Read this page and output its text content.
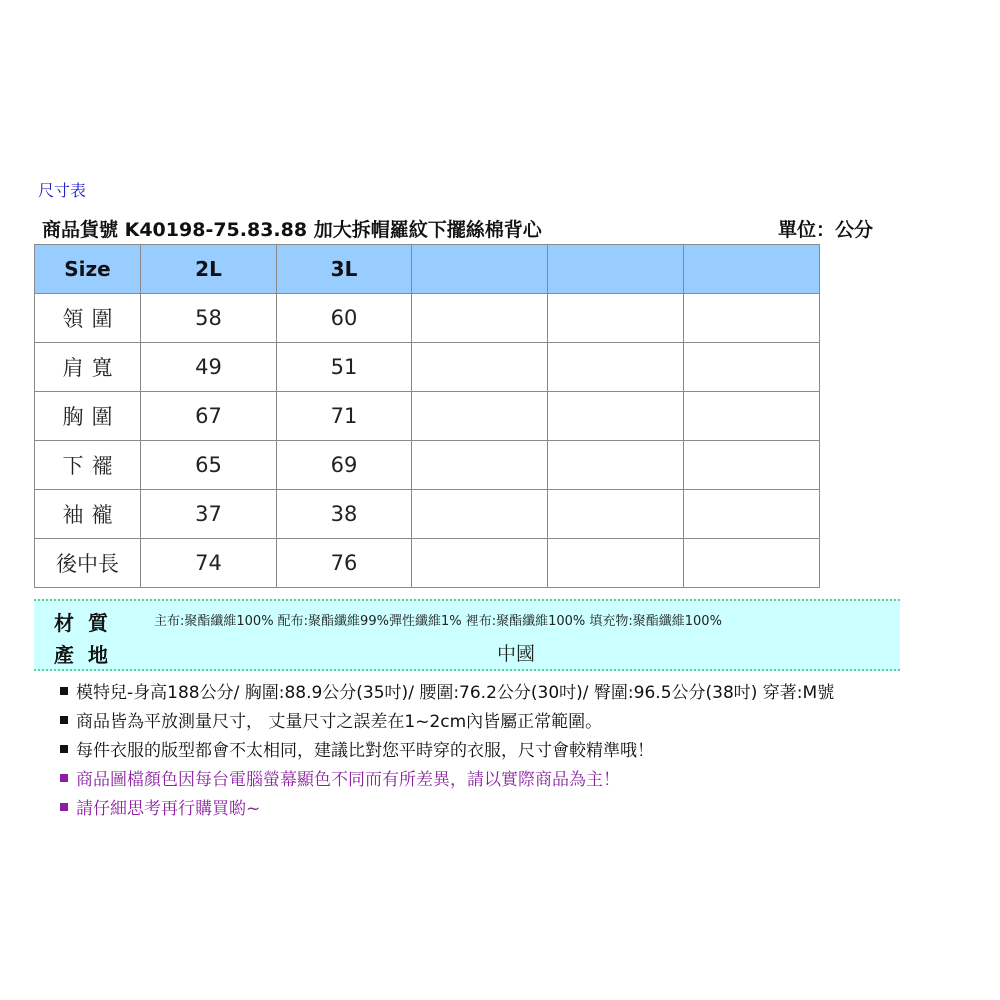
尺寸表
商品貨號 K40198-75.83.88 加大拆帽羅紋下擺絲棉背心	單位：公分
Size	2L	3L			
領圍	58	60			
肩寬	49	51			
胸圍	67	71			
下襬	65	69			
袖襱	37	38			
後中長	74	76			
材質 主布:聚酯纖維100% 配布:聚酯纖維99%彈性纖維1% 裡布:聚酯纖維100% 填充物:聚酯纖維100%
產地	中國
模特兒-身高188公分/ 胸圍:88.9公分(35吋)/ 腰圍:76.2公分(30吋)/ 臀圍:96.5公分(38吋) 穿著:M號
商品皆為平放測量尺寸， 丈量尺寸之誤差在1~2cm內皆屬正常範圍。
每件衣服的版型都會不太相同，建議比對您平時穿的衣服，尺寸會較精準哦！
商品圖檔顏色因每台電腦螢幕顯色不同而有所差異，請以實際商品為主！
請仔細思考再行購買喲~
